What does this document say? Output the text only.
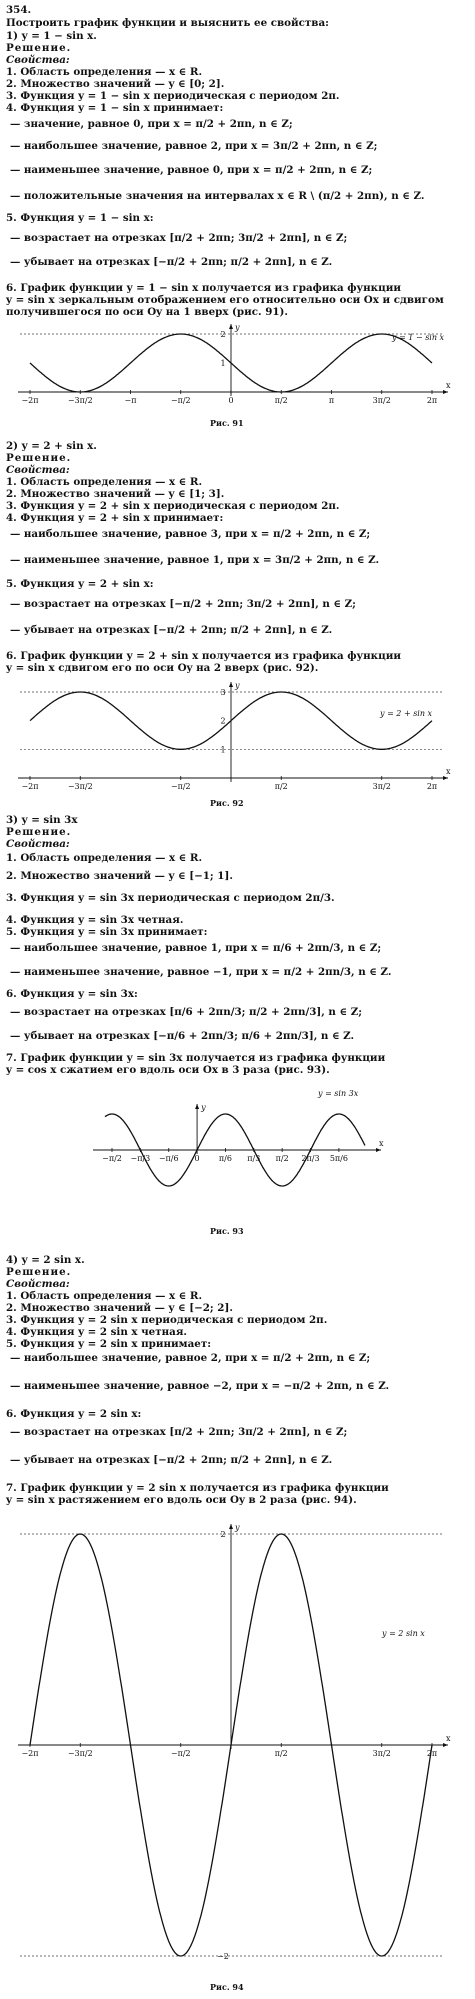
354.
Построить график функции и выяснить ее свойства:
1) y = 1 − sin x.
Решение.
Свойства:
1. Область определения — x ∈ R.
2. Множество значений — y ∈ [0; 2].
3. Функция y = 1 − sin x периодическая с периодом 2π.
4. Функция y = 1 − sin x принимает:
— значение, равное 0, при x = π/2 + 2πn, n ∈ Z;
— наибольшее значение, равное 2, при x = 3π/2 + 2πn, n ∈ Z;
— наименьшее значение, равное 0, при x = π/2 + 2πn, n ∈ Z;
— положительные значения на интервалах x ∈ R \ (π/2 + 2πn), n ∈ Z.
5. Функция y = 1 − sin x:
— возрастает на отрезках [π/2 + 2πn; 3π/2 + 2πn], n ∈ Z;
— убывает на отрезках [−π/2 + 2πn; π/2 + 2πn], n ∈ Z.
6. График функции y = 1 − sin x получается из графика функции
y = sin x зеркальным отображением его относительно оси Ox и сдвигом
получившегося по оси Oy на 1 вверх (рис. 91).
x
y
−2π	−3π/2	−π	−π/2	0	π/2	π	3π/2	2π
1
2	y = 1 − sin x
Рис. 91
2) y = 2 + sin x.
Решение.
Свойства:
1. Область определения — x ∈ R.
2. Множество значений — y ∈ [1; 3].
3. Функция y = 2 + sin x периодическая с периодом 2π.
4. Функция y = 2 + sin x принимает:
— наибольшее значение, равное 3, при x = π/2 + 2πn, n ∈ Z;
— наименьшее значение, равное 1, при x = 3π/2 + 2πn, n ∈ Z.
5. Функция y = 2 + sin x:
— возрастает на отрезках [−π/2 + 2πn; 3π/2 + 2πn], n ∈ Z;
— убывает на отрезках [−π/2 + 2πn; π/2 + 2πn], n ∈ Z.
6. График функции y = 2 + sin x получается из графика функции
y = sin x сдвигом его по оси Oy на 2 вверх (рис. 92).
x
y
−2π	−3π/2	−π/2	π/2	3π/2	2π
1
2
3
y = 2 + sin x
Рис. 92
3) y = sin 3x
Решение.
Свойства:
1. Область определения — x ∈ R.
2. Множество значений — y ∈ [−1; 1].
3. Функция y = sin 3x периодическая с периодом 2π/3.
4. Функция y = sin 3x четная.
5. Функция y = sin 3x принимает:
— наибольшее значение, равное 1, при x = π/6 + 2πn/3, n ∈ Z;
— наименьшее значение, равное −1, при x = π/2 + 2πn/3, n ∈ Z.
6. Функция y = sin 3x:
— возрастает на отрезках [π/6 + 2πn/3; π/2 + 2πn/3], n ∈ Z;
— убывает на отрезках [−π/6 + 2πn/3; π/6 + 2πn/3], n ∈ Z.
7. График функции y = sin 3x получается из графика функции
y = cos x сжатием его вдоль оси Ox в 3 раза (рис. 93).
x
y
−π/2 −π/3 −π/6 0 π/6 π/3 π/2 2π/3 5π/6
y = sin 3x
Рис. 93
4) y = 2 sin x.
Решение.
Свойства:
1. Область определения — x ∈ R.
2. Множество значений — y ∈ [−2; 2].
3. Функция y = 2 sin x периодическая с периодом 2π.
4. Функция y = 2 sin x четная.
5. Функция y = 2 sin x принимает:
— наибольшее значение, равное 2, при x = π/2 + 2πn, n ∈ Z;
— наименьшее значение, равное −2, при x = −π/2 + 2πn, n ∈ Z.
6. Функция y = 2 sin x:
— возрастает на отрезках [π/2 + 2πn; 3π/2 + 2πn], n ∈ Z;
— убывает на отрезках [−π/2 + 2πn; π/2 + 2πn], n ∈ Z.
7. График функции y = 2 sin x получается из графика функции
y = sin x растяжением его вдоль оси Oy в 2 раза (рис. 94).
x
y
−2π	−3π/2	−π/2	π/2	3π/2	2π
2
−2
y = 2 sin x
Рис. 94
